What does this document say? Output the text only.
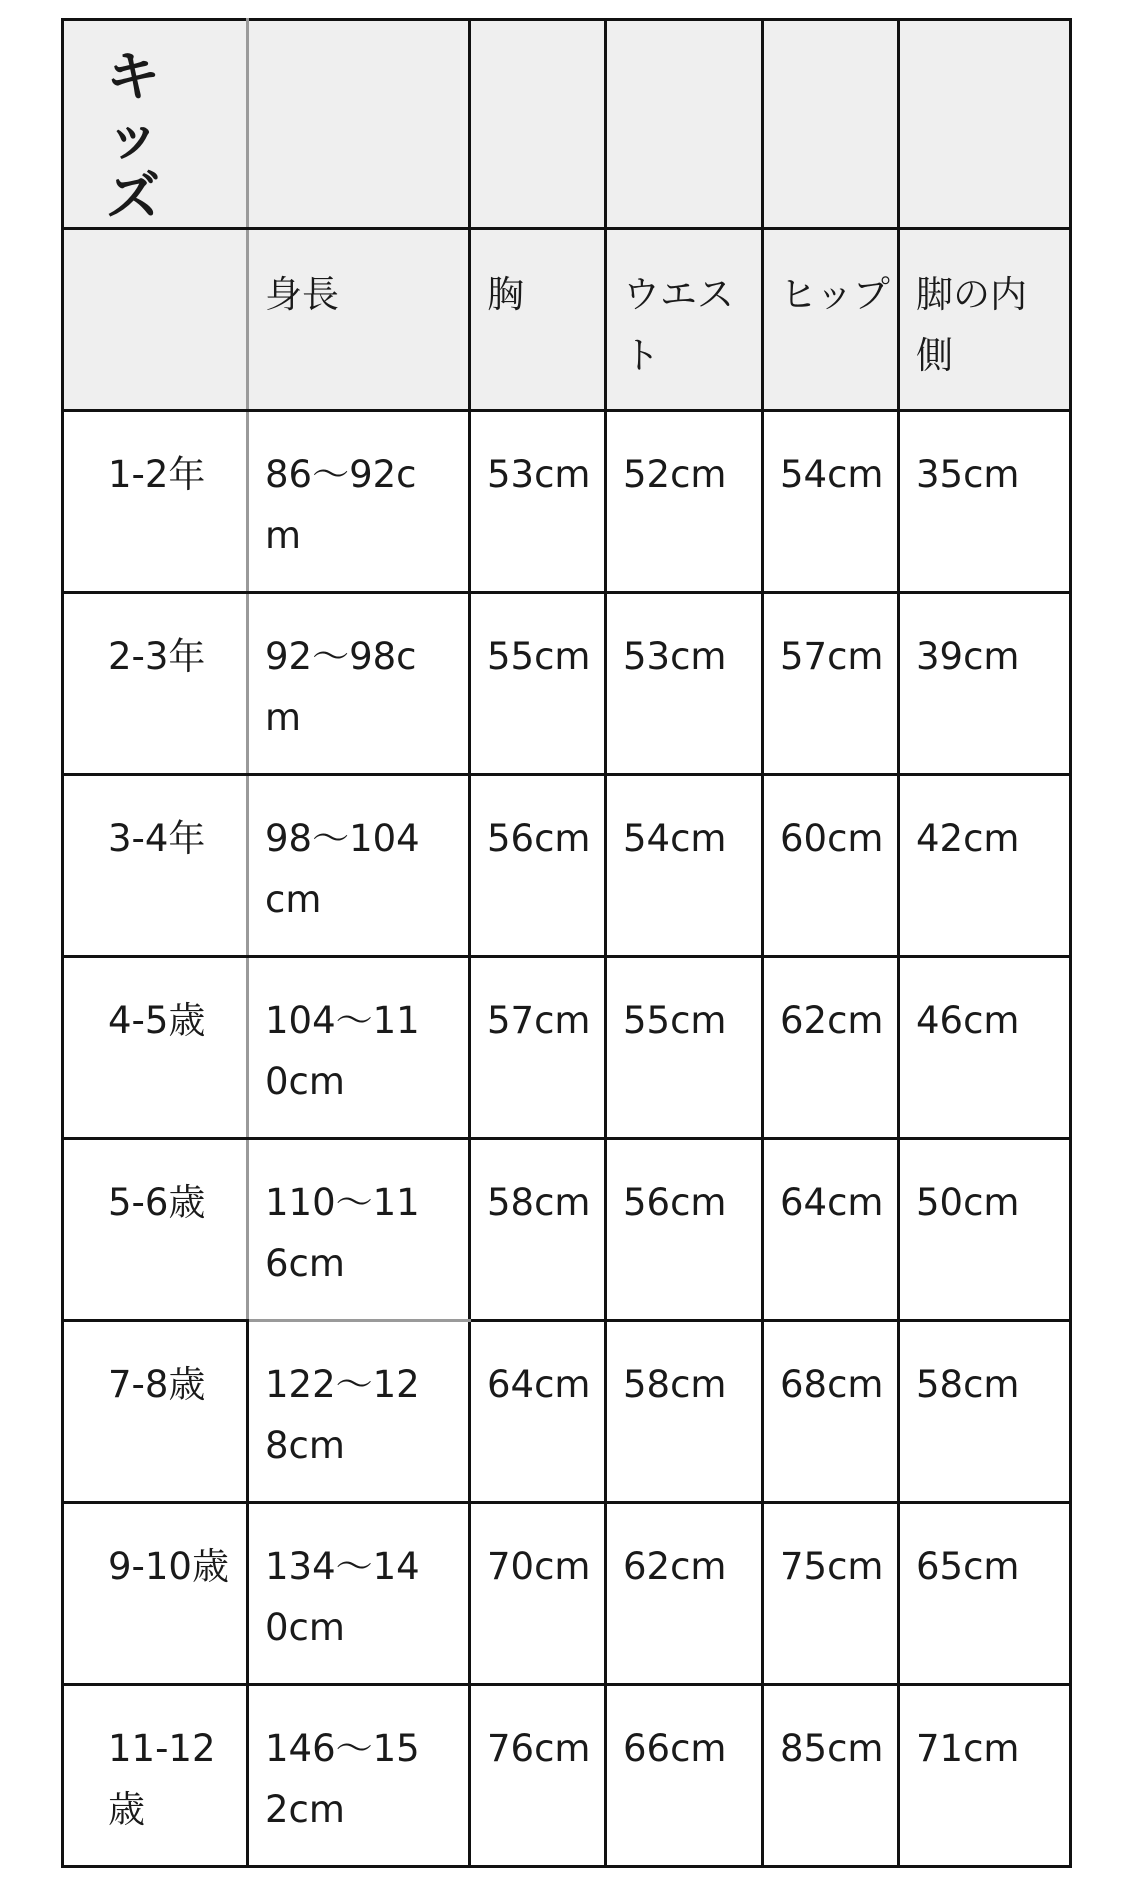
キッズ					

	身長	胸	ウエスト	ヒップ	脚の内側

1-2年	86〜92cm	53cm	52cm	54cm	35cm

2-3年	92〜98cm	55cm	53cm	57cm	39cm

3-4年	98〜104cm	56cm	54cm	60cm	42cm

4-5歳	104〜110cm	57cm	55cm	62cm	46cm

5-6歳	110〜116cm	58cm	56cm	64cm	50cm

7-8歳	122〜128cm	64cm	58cm	68cm	58cm

9-10歳	134〜140cm	70cm	62cm	75cm	65cm

11-12歳	146〜152cm	76cm	66cm	85cm	71cm
